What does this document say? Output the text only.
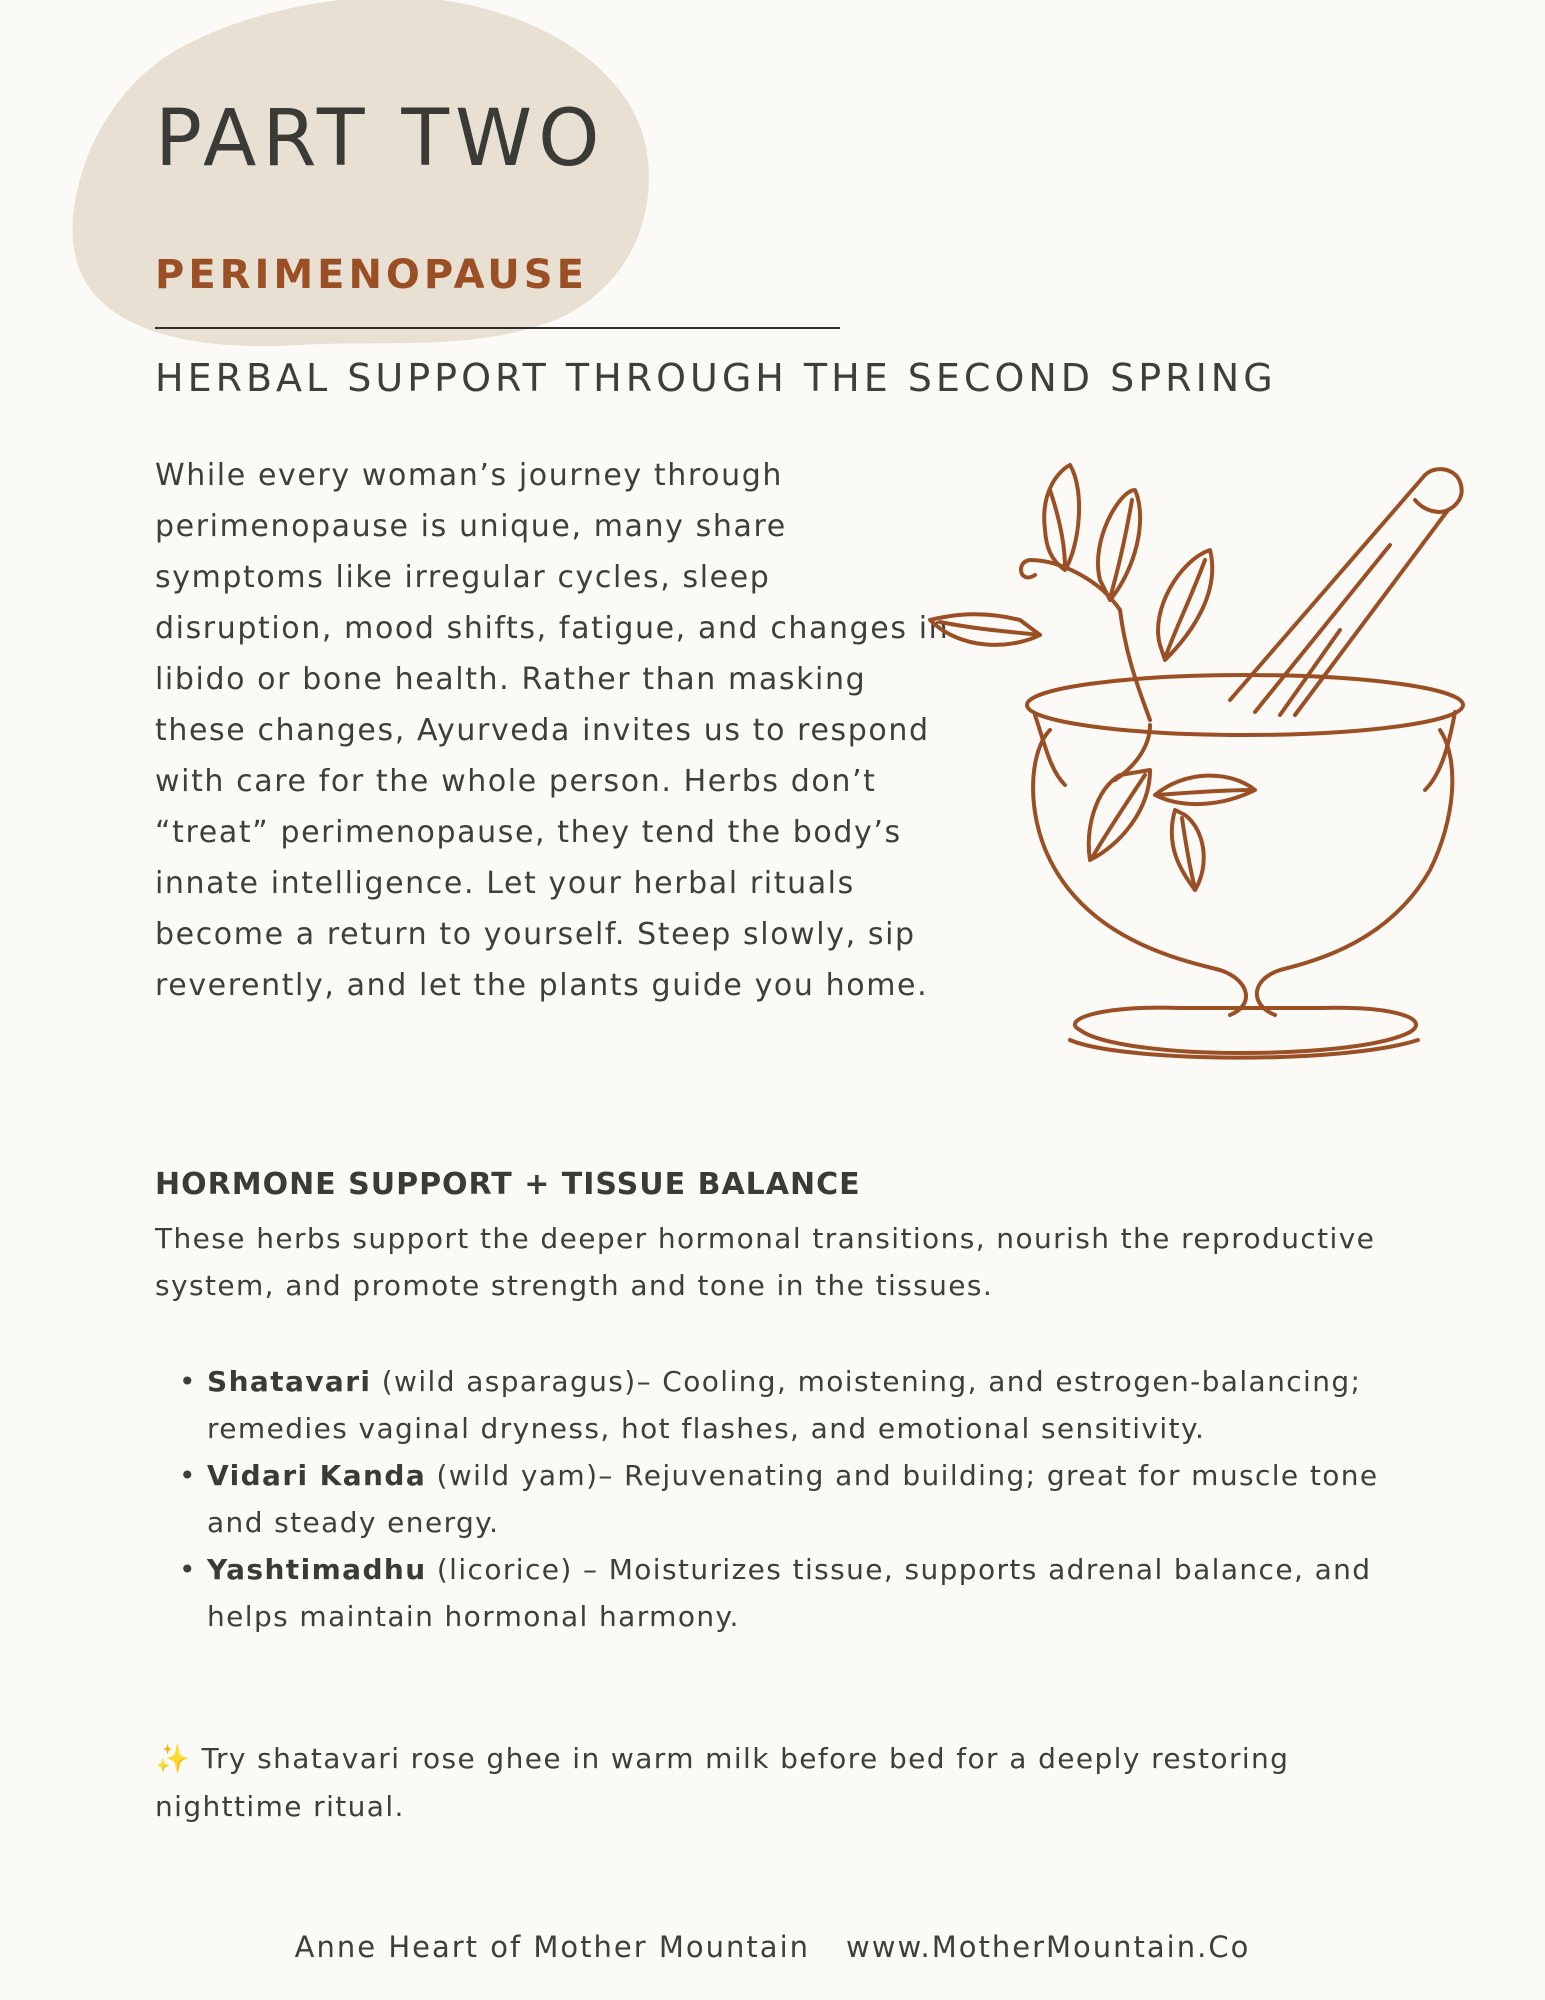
PART TWO
PERIMENOPAUSE
HERBAL SUPPORT THROUGH THE SECOND SPRING

While every woman’s journey through perimenopause is unique, many share symptoms like irregular cycles, sleep disruption, mood shifts, fatigue, and changes in libido or bone health. Rather than masking these changes, Ayurveda invites us to respond with care for the whole person. Herbs don’t “treat” perimenopause, they tend the body’s innate intelligence. Let your herbal rituals become a return to yourself. Steep slowly, sip reverently, and let the plants guide you home.

HORMONE SUPPORT + TISSUE BALANCE

These herbs support the deeper hormonal transitions, nourish the reproductive system, and promote strength and tone in the tissues.

• Shatavari (wild asparagus)– Cooling, moistening, and estrogen-balancing; remedies vaginal dryness, hot flashes, and emotional sensitivity.
• Vidari Kanda (wild yam)– Rejuvenating and building; great for muscle tone and steady energy.
• Yashtimadhu (licorice) – Moisturizes tissue, supports adrenal balance, and helps maintain hormonal harmony.

✨ Try shatavari rose ghee in warm milk before bed for a deeply restoring nighttime ritual.

Anne Heart of Mother Mountain www.MotherMountain.Co
